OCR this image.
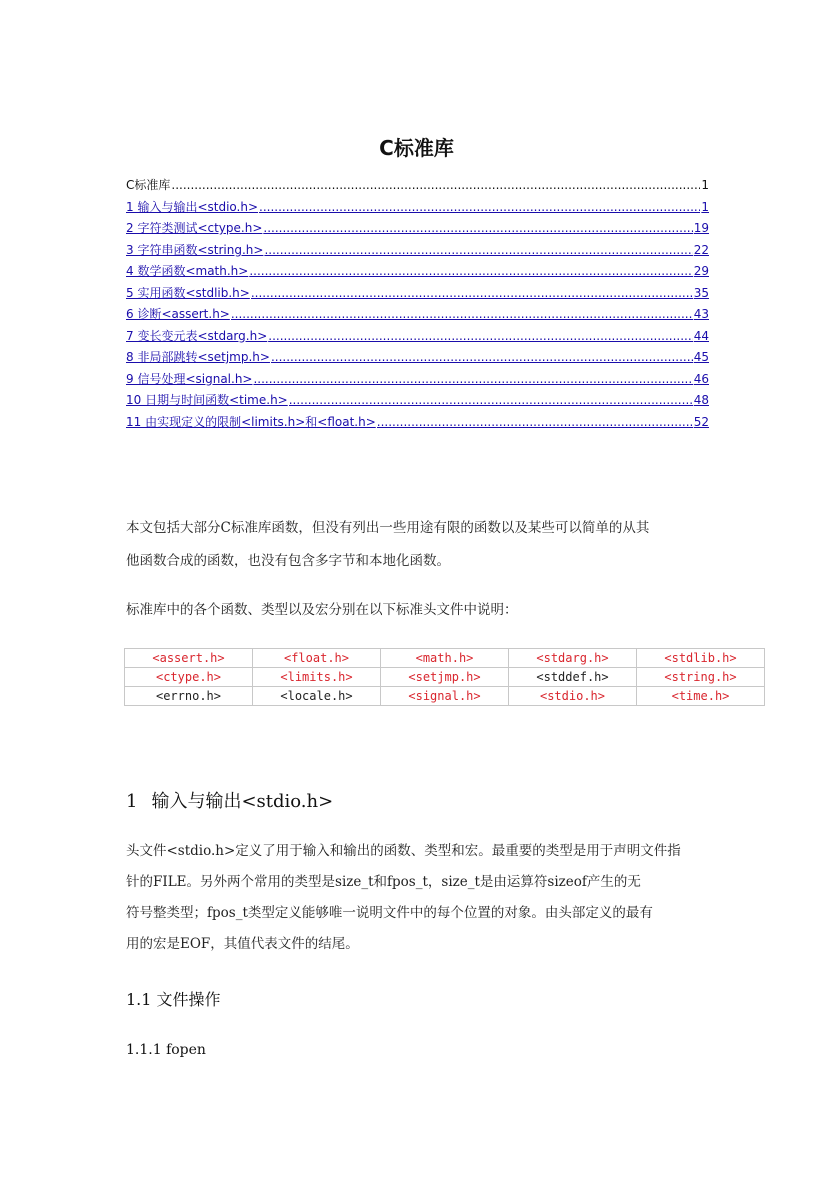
C标准库
C标准库 .....	1
1 输入与输出<stdio.h> .....	1
2 字符类测试<ctype.h> .....	19
3 字符串函数<string.h> .....	22
4 数学函数<math.h> .....	29
5 实用函数<stdlib.h> .....	35
6 诊断<assert.h> .....	43
7 变长变元表<stdarg.h> .....	44
8 非局部跳转<setjmp.h> .....	45
9 信号处理<signal.h> .....	46
10 日期与时间函数<time.h> .....	48
11 由实现定义的限制<limits.h>和<float.h> .....	52
本文包括大部分C标准库函数，但没有列出一些用途有限的函数以及某些可以简单的从其
他函数合成的函数，也没有包含多字节和本地化函数。
标准库中的各个函数、类型以及宏分别在以下标准头文件中说明：
<assert.h>	<float.h>	<math.h>	<stdarg.h>	<stdlib.h>
<ctype.h>	<limits.h>	<setjmp.h>	<stddef.h>	<string.h>
<errno.h>	<locale.h>	<signal.h>	<stdio.h>	<time.h>
1 输入与输出<stdio.h>
头文件<stdio.h>定义了用于输入和输出的函数、类型和宏。最重要的类型是用于声明文件指
针的FILE。另外两个常用的类型是size_t和fpos_t，size_t是由运算符sizeof产生的无
符号整类型；fpos_t类型定义能够唯一说明文件中的每个位置的对象。由头部定义的最有
用的宏是EOF，其值代表文件的结尾。
1.1 文件操作
1.1.1 fopen
